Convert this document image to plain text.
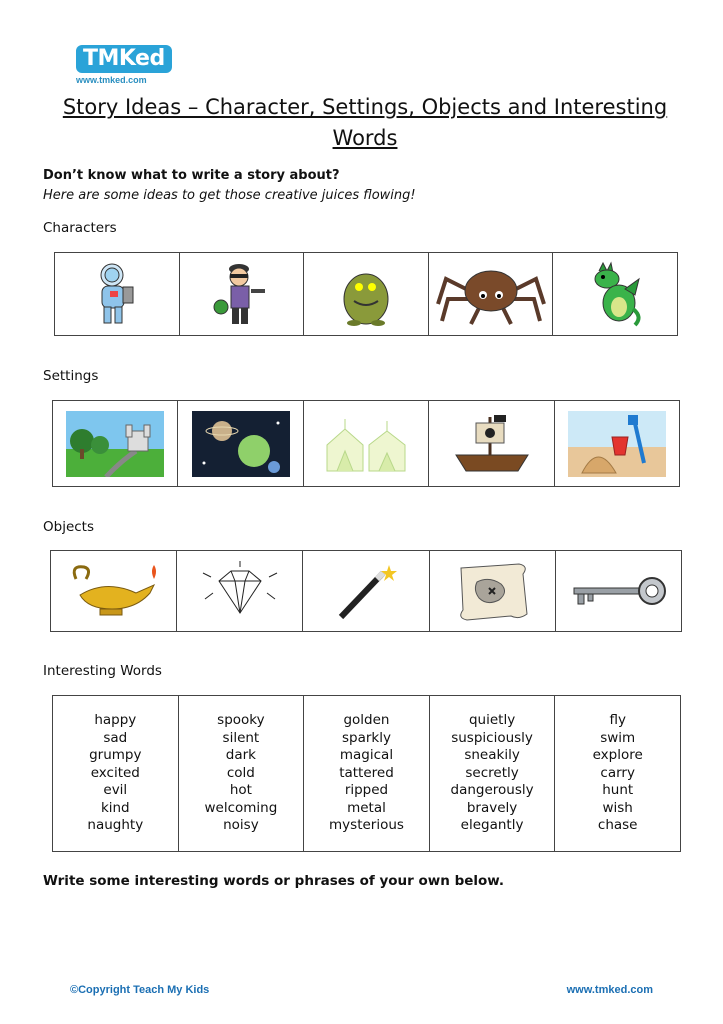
TMKed
www.tmked.com
Story Ideas – Character, Settings, Objects and Interesting Words
Don’t know what to write a story about?
Here are some ideas to get those creative juices flowing!
Characters

Settings

Objects

Interesting Words
happy
sad
grumpy
excited
evil
kind
naughty

spooky
silent
dark
cold
hot
welcoming
noisy

golden
sparkly
magical
tattered
ripped
metal
mysterious

quietly
suspiciously
sneakily
secretly
dangerously
bravely
elegantly

fly
swim
explore
carry
hunt
wish
chase
Write some interesting words or phrases of your own below.
©Copyright Teach My Kids	www.tmked.com
